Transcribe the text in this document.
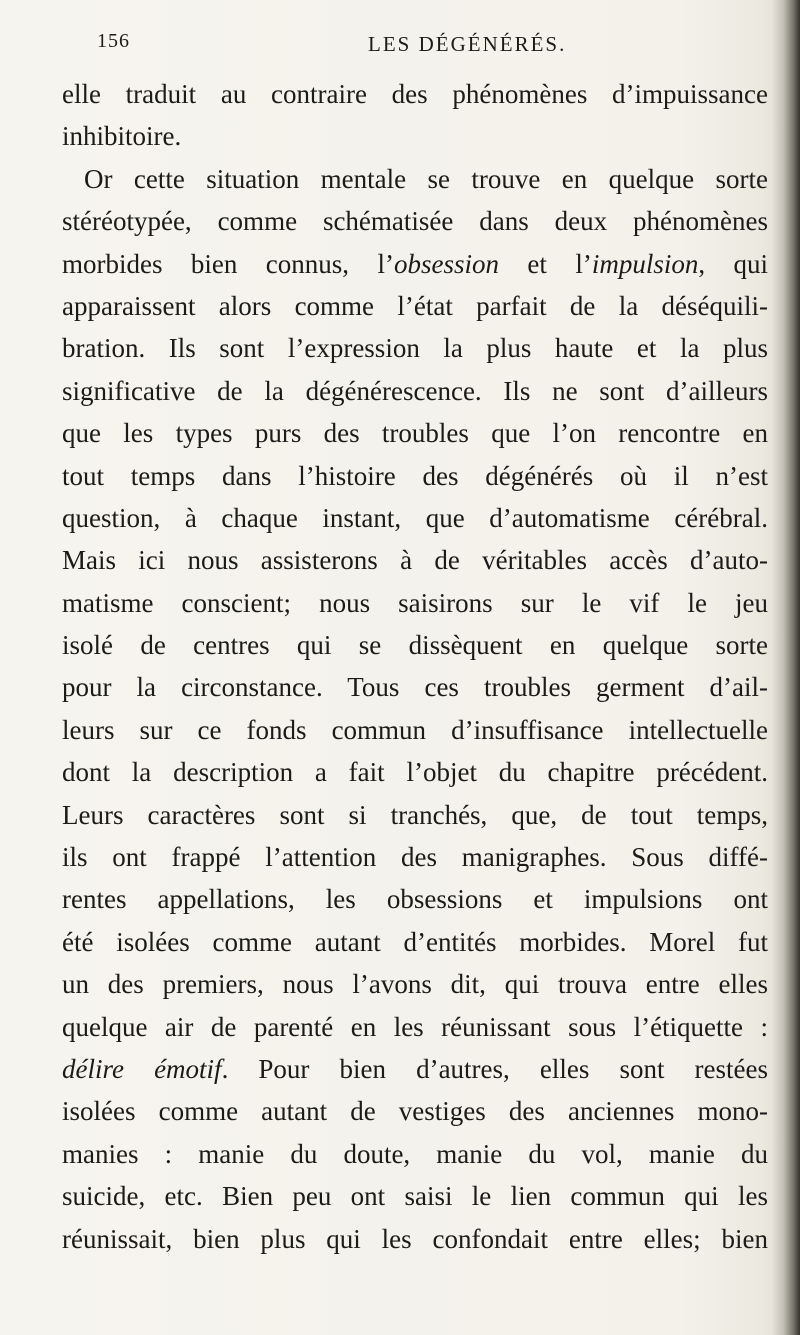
156	LES DÉGÉNÉRÉS.
elle traduit au contraire des phénomènes d’impuissance
inhibitoire.
Or cette situation mentale se trouve en quelque sorte
stéréotypée, comme schématisée dans deux phénomènes
morbides bien connus, l’obsession et l’impulsion, qui
apparaissent alors comme l’état parfait de la déséquili-
bration. Ils sont l’expression la plus haute et la plus
significative de la dégénérescence. Ils ne sont d’ailleurs
que les types purs des troubles que l’on rencontre en
tout temps dans l’histoire des dégénérés où il n’est
question, à chaque instant, que d’automatisme cérébral.
Mais ici nous assisterons à de véritables accès d’auto-
matisme conscient; nous saisirons sur le vif le jeu
isolé de centres qui se dissèquent en quelque sorte
pour la circonstance. Tous ces troubles germent d’ail-
leurs sur ce fonds commun d’insuffisance intellectuelle
dont la description a fait l’objet du chapitre précédent.
Leurs caractères sont si tranchés, que, de tout temps,
ils ont frappé l’attention des manigraphes. Sous diffé-
rentes appellations, les obsessions et impulsions ont
été isolées comme autant d’entités morbides. Morel fut
un des premiers, nous l’avons dit, qui trouva entre elles
quelque air de parenté en les réunissant sous l’étiquette :
délire émotif. Pour bien d’autres, elles sont restées
isolées comme autant de vestiges des anciennes mono-
manies : manie du doute, manie du vol, manie du
suicide, etc. Bien peu ont saisi le lien commun qui les
réunissait, bien plus qui les confondait entre elles; bien
